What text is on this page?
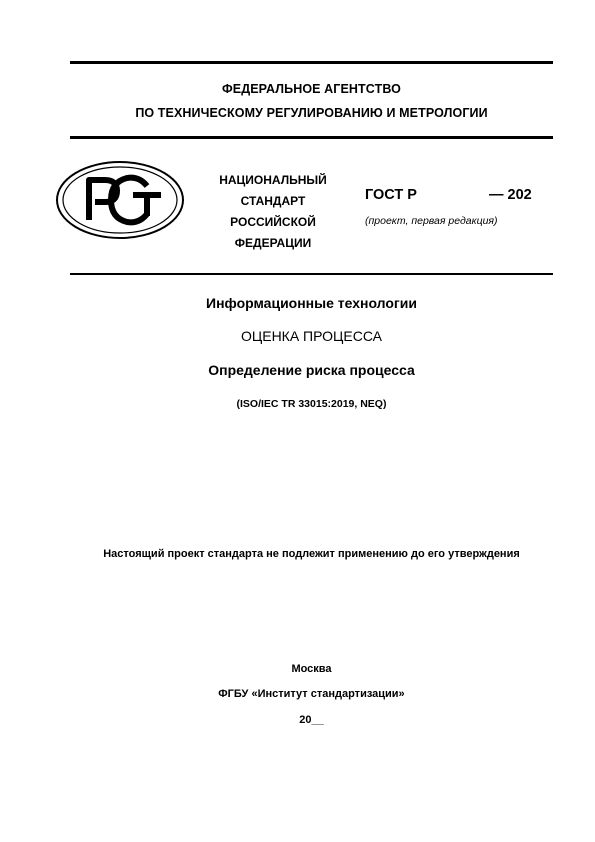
ФЕДЕРАЛЬНОЕ АГЕНТСТВО
ПО ТЕХНИЧЕСКОМУ РЕГУЛИРОВАНИЮ И МЕТРОЛОГИИ
НАЦИОНАЛЬНЫЙ
СТАНДАРТ
РОССИЙСКОЙ
ФЕДЕРАЦИИ
ГОСТ Р	— 202
(проект, первая редакция)
Информационные технологии
ОЦЕНКА ПРОЦЕССА
Определение риска процесса
(ISO/IEC TR 33015:2019, NEQ)
Настоящий проект стандарта не подлежит применению до его утверждения
Москва
ФГБУ «Институт стандартизации»
20__
